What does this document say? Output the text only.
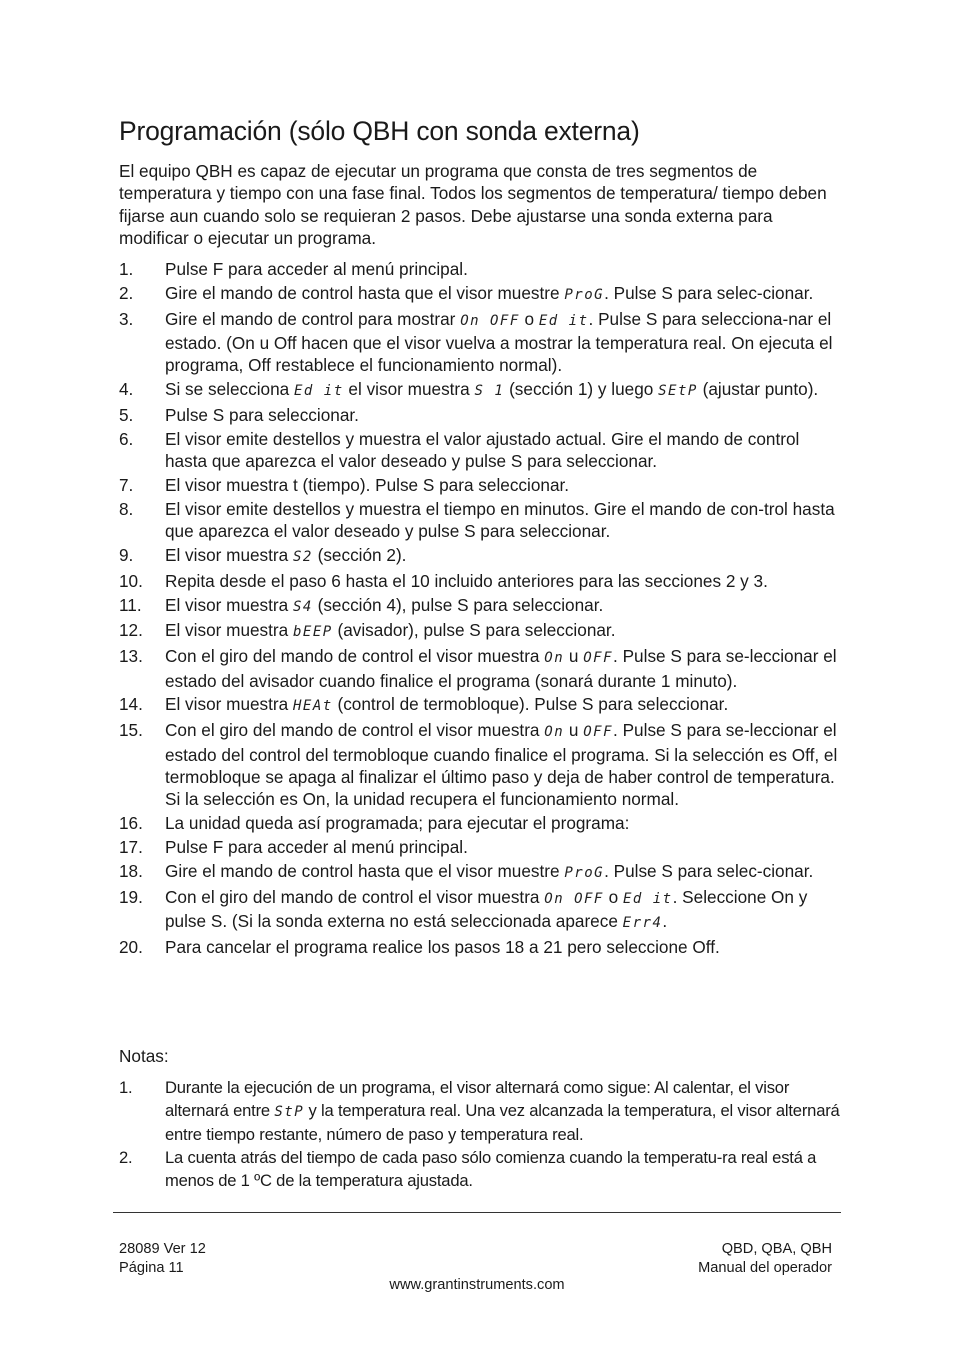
Programación (sólo QBH con sonda externa)

El equipo QBH es capaz de ejecutar un programa que consta de tres segmentos de temperatura y tiempo con una fase final. Todos los segmentos de temperatura/ tiempo deben fijarse aun cuando solo se requieran 2 pasos. Debe ajustarse una sonda externa para modificar o ejecutar un programa.

1. Pulse F para acceder al menú principal.
2. Gire el mando de control hasta que el visor muestre ProG. Pulse S para selec-cionar.
3. Gire el mando de control para mostrar On OFF o Ed it. Pulse S para selecciona-nar el estado. (On u Off hacen que el visor vuelva a mostrar la temperatura real. On ejecuta el programa, Off restablece el funcionamiento normal).
4. Si se selecciona Ed it el visor muestra S 1 (sección 1) y luego SEtP (ajustar punto).
5. Pulse S para seleccionar.
6. El visor emite destellos y muestra el valor ajustado actual. Gire el mando de control hasta que aparezca el valor deseado y pulse S para seleccionar.
7. El visor muestra t (tiempo). Pulse S para seleccionar.
8. El visor emite destellos y muestra el tiempo en minutos. Gire el mando de con-trol hasta que aparezca el valor deseado y pulse S para seleccionar.
9. El visor muestra S2 (sección 2).
10. Repita desde el paso 6 hasta el 10 incluido anteriores para las secciones 2 y 3.
11. El visor muestra S4 (sección 4), pulse S para seleccionar.
12. El visor muestra bEEP (avisador), pulse S para seleccionar.
13. Con el giro del mando de control el visor muestra On u OFF. Pulse S para se-leccionar el estado del avisador cuando finalice el programa (sonará durante 1 minuto).
14. El visor muestra HEAt (control de termobloque). Pulse S para seleccionar.
15. Con el giro del mando de control el visor muestra On u OFF. Pulse S para se-leccionar el estado del control del termobloque cuando finalice el programa. Si la selección es Off, el termobloque se apaga al finalizar el último paso y deja de haber control de temperatura. Si la selección es On, la unidad recupera el funcionamiento normal.
16. La unidad queda así programada; para ejecutar el programa:
17. Pulse F para acceder al menú principal.
18. Gire el mando de control hasta que el visor muestre ProG. Pulse S para selec-cionar.
19. Con el giro del mando de control el visor muestra On OFF o Ed it. Seleccione On y pulse S. (Si la sonda externa no está seleccionada aparece Err4.
20. Para cancelar el programa realice los pasos 18 a 21 pero seleccione Off.

Notas:

1. Durante la ejecución de un programa, el visor alternará como sigue: Al calentar, el visor alternará entre StP y la temperatura real. Una vez alcanzada la temperatura, el visor alternará entre tiempo restante, número de paso y temperatura real.
2. La cuenta atrás del tiempo de cada paso sólo comienza cuando la temperatu-ra real está a menos de 1 ºC de la temperatura ajustada.
28089 Ver 12
Página 11
QBD, QBA, QBH
Manual del operador
www.grantinstruments.com
